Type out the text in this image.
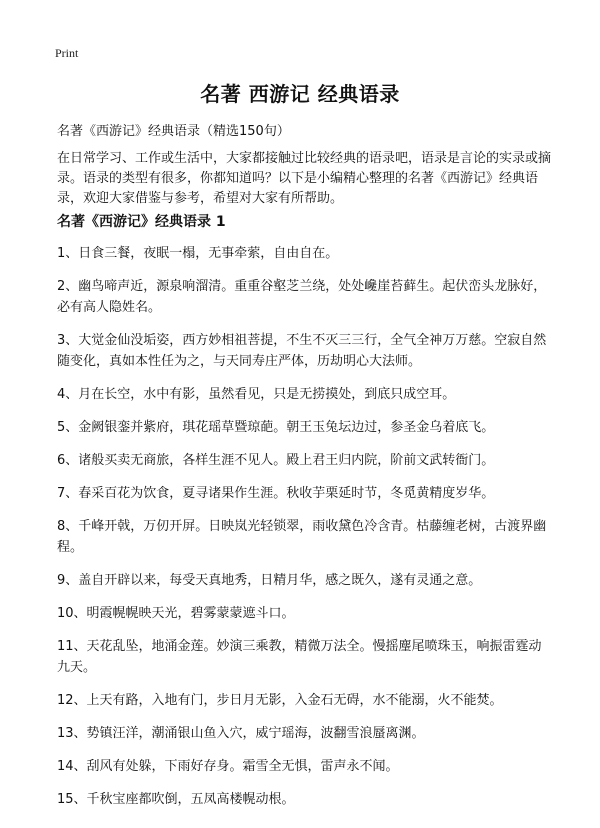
Print
名著 西游记 经典语录

名著《西游记》经典语录（精选150句）

在日常学习、工作或生活中，大家都接触过比较经典的语录吧，语录是言论的实录或摘录。语录的类型有很多，你都知道吗？以下是小编精心整理的名著《西游记》经典语录，欢迎大家借鉴与参考，希望对大家有所帮助。

名著《西游记》经典语录 1
1、日食三餐，夜眠一榻，无事牵萦，自由自在。
2、幽鸟啼声近，源泉响溜清。重重谷壑芝兰绕，处处巉崖苔藓生。起伏峦头龙脉好，必有高人隐姓名。
3、大觉金仙没垢姿，西方妙相祖菩提，不生不灭三三行，全气全神万万慈。空寂自然随变化，真如本性任为之，与天同寿庄严体，历劫明心大法师。
4、月在长空，水中有影，虽然看见，只是无捞摸处，到底只成空耳。
5、金阙银銮并紫府，琪花瑶草暨琼葩。朝王玉兔坛边过，参圣金乌着底飞。
6、诸般买卖无商旅，各样生涯不见人。殿上君王归内院，阶前文武转衙门。
7、春采百花为饮食，夏寻诸果作生涯。秋收芋栗延时节，冬觅黄精度岁华。
8、千峰开戟，万仞开屏。日映岚光轻锁翠，雨收黛色冷含青。枯藤缠老树，古渡界幽程。
9、盖自开辟以来，每受天真地秀，日精月华，感之既久，遂有灵通之意。
10、明霞幌幌映天光，碧雾蒙蒙遮斗口。
11、天花乱坠，地涌金莲。妙演三乘教，精微万法全。慢摇麈尾喷珠玉，响振雷霆动九天。
12、上天有路，入地有门，步日月无影，入金石无碍，水不能溺，火不能焚。
13、势镇汪洋，潮涌银山鱼入穴，威宁瑶海，波翻雪浪蜃离渊。
14、刮风有处躲，下雨好存身。霜雪全无惧，雷声永不闻。
15、千秋宝座都吹倒，五凤高楼幌动根。
